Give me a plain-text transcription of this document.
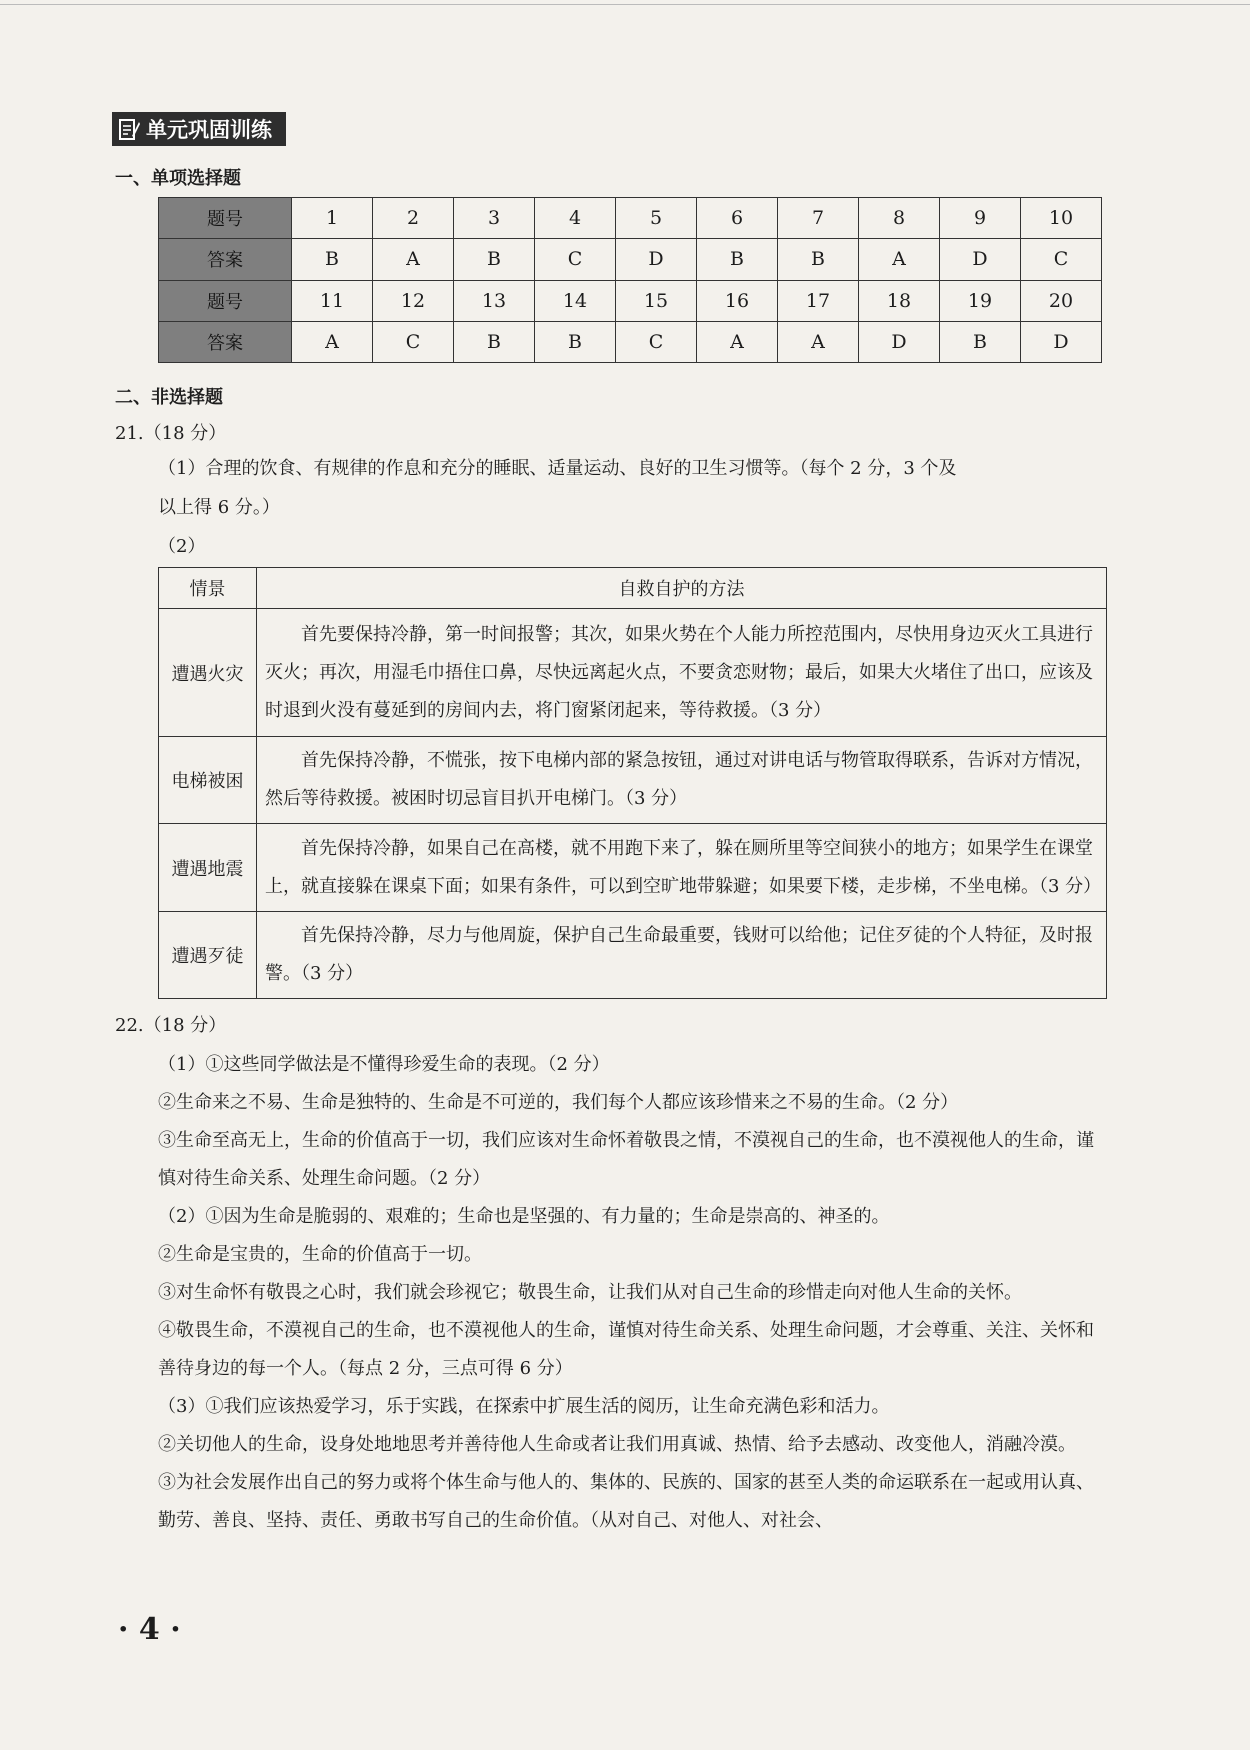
单元巩固训练
一、单项选择题
题号	1	2	3	4	5	6	7	8	9	10
答案	B	A	B	C	D	B	B	A	D	C
题号	11	12	13	14	15	16	17	18	19	20
答案	A	C	B	B	C	A	A	D	B	D
二、非选择题
21.（18 分）
（1）合理的饮食、有规律的作息和充分的睡眠、适量运动、良好的卫生习惯等。（每个 2 分，3 个及
以上得 6 分。）
（2）
情景	自救自护的方法
遭遇火灾	首先要保持冷静，第一时间报警；其次，如果火势在个人能力所控范围内，尽快用身边灭火工具进行灭火；再次，用湿毛巾捂住口鼻，尽快远离起火点，不要贪恋财物；最后，如果大火堵住了出口，应该及时退到火没有蔓延到的房间内去，将门窗紧闭起来，等待救援。（3 分）
电梯被困	首先保持冷静，不慌张，按下电梯内部的紧急按钮，通过对讲电话与物管取得联系，告诉对方情况，然后等待救援。被困时切忌盲目扒开电梯门。（3 分）
遭遇地震	首先保持冷静，如果自己在高楼，就不用跑下来了，躲在厕所里等空间狭小的地方；如果学生在课堂上，就直接躲在课桌下面；如果有条件，可以到空旷地带躲避；如果要下楼，走步梯，不坐电梯。（3 分）
遭遇歹徒	首先保持冷静，尽力与他周旋，保护自己生命最重要，钱财可以给他；记住歹徒的个人特征，及时报警。（3 分）
22.（18 分）
（1）①这些同学做法是不懂得珍爱生命的表现。（2 分）
②生命来之不易、生命是独特的、生命是不可逆的，我们每个人都应该珍惜来之不易的生命。（2 分）
③生命至高无上，生命的价值高于一切，我们应该对生命怀着敬畏之情，不漠视自己的生命，也不漠视他人的生命，谨慎对待生命关系、处理生命问题。（2 分）
（2）①因为生命是脆弱的、艰难的；生命也是坚强的、有力量的；生命是崇高的、神圣的。
②生命是宝贵的，生命的价值高于一切。
③对生命怀有敬畏之心时，我们就会珍视它；敬畏生命，让我们从对自己生命的珍惜走向对他人生命的关怀。
④敬畏生命，不漠视自己的生命，也不漠视他人的生命，谨慎对待生命关系、处理生命问题，才会尊重、关注、关怀和善待身边的每一个人。（每点 2 分，三点可得 6 分）
（3）①我们应该热爱学习，乐于实践，在探索中扩展生活的阅历，让生命充满色彩和活力。
②关切他人的生命，设身处地地思考并善待他人生命或者让我们用真诚、热情、给予去感动、改变他人，消融冷漠。
③为社会发展作出自己的努力或将个体生命与他人的、集体的、民族的、国家的甚至人类的命运联系在一起或用认真、勤劳、善良、坚持、责任、勇敢书写自己的生命价值。（从对自己、对他人、对社会、
· 4 ·
